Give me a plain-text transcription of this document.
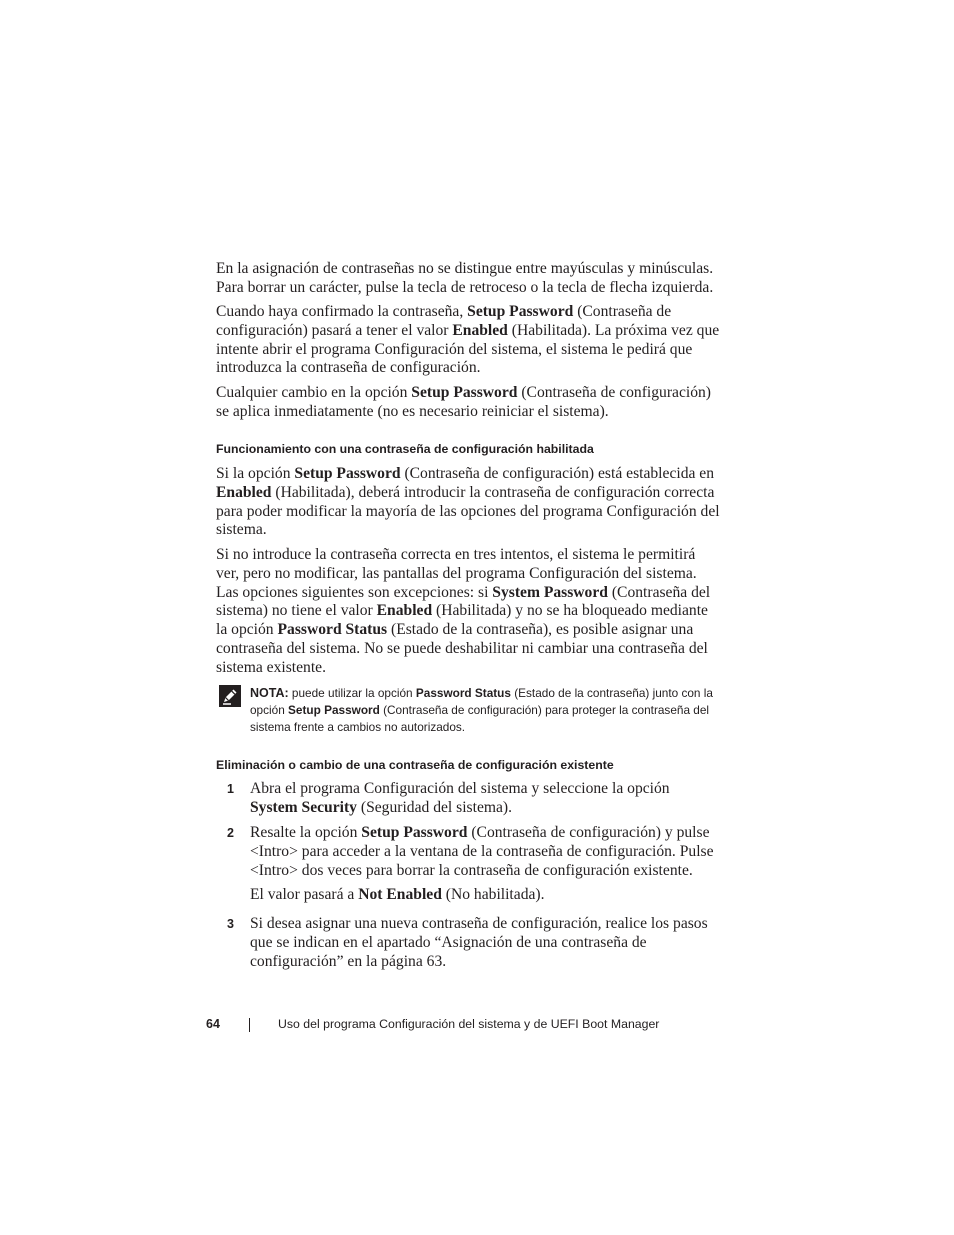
En la asignación de contraseñas no se distingue entre mayúsculas y minúsculas.
Para borrar un carácter, pulse la tecla de retroceso o la tecla de flecha izquierda.

Cuando haya confirmado la contraseña, Setup Password (Contraseña de configuración) pasará a tener el valor Enabled (Habilitada). La próxima vez que intente abrir el programa Configuración del sistema, el sistema le pedirá que introduzca la contraseña de configuración.

Cualquier cambio en la opción Setup Password (Contraseña de configuración) se aplica inmediatamente (no es necesario reiniciar el sistema).

Funcionamiento con una contraseña de configuración habilitada

Si la opción Setup Password (Contraseña de configuración) está establecida en Enabled (Habilitada), deberá introducir la contraseña de configuración correcta para poder modificar la mayoría de las opciones del programa Configuración del sistema.

Si no introduce la contraseña correcta en tres intentos, el sistema le permitirá ver, pero no modificar, las pantallas del programa Configuración del sistema. Las opciones siguientes son excepciones: si System Password (Contraseña del sistema) no tiene el valor Enabled (Habilitada) y no se ha bloqueado mediante la opción Password Status (Estado de la contraseña), es posible asignar una contraseña del sistema. No se puede deshabilitar ni cambiar una contraseña del sistema existente.

NOTA: puede utilizar la opción Password Status (Estado de la contraseña) junto con la opción Setup Password (Contraseña de configuración) para proteger la contraseña del sistema frente a cambios no autorizados.

Eliminación o cambio de una contraseña de configuración existente
1 Abra el programa Configuración del sistema y seleccione la opción System Security (Seguridad del sistema).

2 Resalte la opción Setup Password (Contraseña de configuración) y pulse <Intro> para acceder a la ventana de la contraseña de configuración. Pulse <Intro> dos veces para borrar la contraseña de configuración existente.

El valor pasará a Not Enabled (No habilitada).

3 Si desea asignar una nueva contraseña de configuración, realice los pasos que se indican en el apartado “Asignación de una contraseña de configuración” en la página 63.

64	Uso del programa Configuración del sistema y de UEFI Boot Manager
